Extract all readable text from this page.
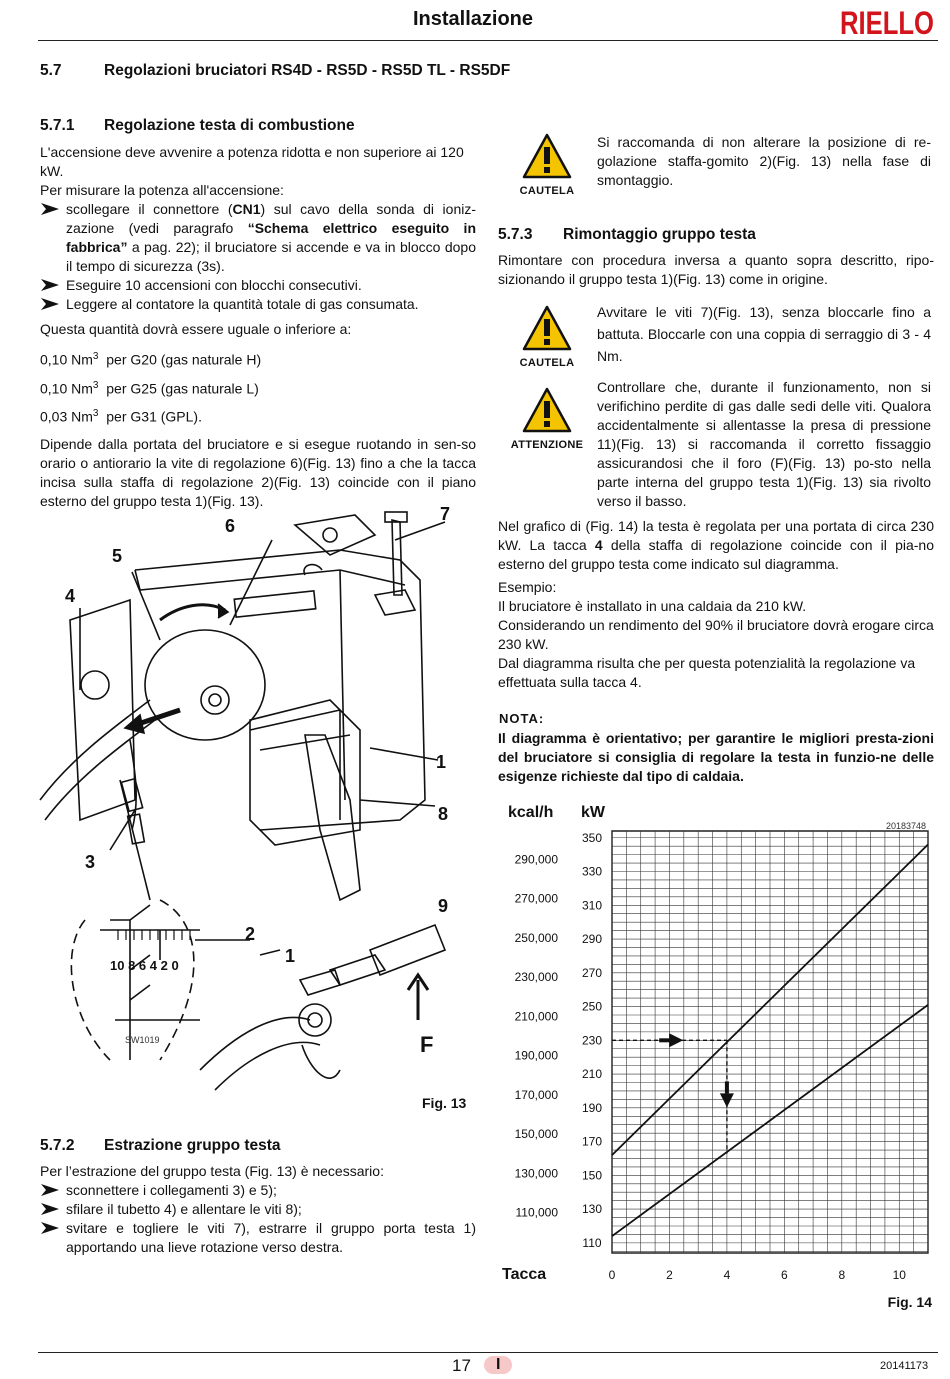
Installazione	RIELLO
5.7	Regolazioni bruciatori RS4D - RS5D - RS5D TL - RS5DF
5.7.1 Regolazione testa di combustione

L'accensione deve avvenire a potenza ridotta e non superiore ai 120 kW.

Per misurare la potenza all'accensione:

scollegare il connettore (CN1) sul cavo della sonda di ioniz-zazione (vedi paragrafo “Schema elettrico eseguito in fabbrica” a pag. 22); il bruciatore si accende e va in blocco dopo il tempo di sicurezza (3s).
Eseguire 10 accensioni con blocchi consecutivi.
Leggere al contatore la quantità totale di gas consumata.

Questa quantità dovrà essere uguale o inferiore a:

0,10 Nm$^3$ per G20 (gas naturale H)

0,10 Nm$^3$ per G25 (gas naturale L)

0,03 Nm$^3$ per G31 (GPL).

Dipende dalla portata del bruciatore e si esegue ruotando in sen-so orario o antiorario la vite di regolazione 6)(Fig. 13) fino a che la tacca incisa sulla staffa di regolazione 2)(Fig. 13) coincide con il piano esterno del gruppo testa 1)(Fig. 13).

6
7
5
4
1
8
3
2
1
9
F
10 8 6 4 2 0
SW1019
Fig. 13
5.7.2 Estrazione gruppo testa

Per l’estrazione del gruppo testa (Fig. 13) è necessario:

sconnettere i collegamenti 3) e 5);
sfilare il tubetto 4) e allentare le viti 8);
svitare e togliere le viti 7), estrarre il gruppo porta testa 1) apportando una lieve rotazione verso destra.
CAUTELA
Si raccomanda di non alterare la posizione di re-golazione staffa-gomito 2)(Fig. 13) nella fase di smontaggio.
5.7.3 Rimontaggio gruppo testa
Rimontare con procedura inversa a quanto sopra descritto, ripo-sizionando il gruppo testa 1)(Fig. 13) come in origine.
CAUTELA
Avvitare le viti 7)(Fig. 13), senza bloccarle fino a battuta. Bloccarle con una coppia di serraggio di 3 - 4 Nm.
ATTENZIONE
Controllare che, durante il funzionamento, non si verifichino perdite di gas dalle sedi delle viti. Qualora accidentalmente si allentasse la presa di pressione 11)(Fig. 13) si raccomanda il corretto fissaggio assicurandosi che il foro (F)(Fig. 13) po-sto nella parte interna del gruppo testa 1)(Fig. 13) sia rivolto verso il basso.

Nel grafico di (Fig. 14) la testa è regolata per una portata di circa 230 kW. La tacca 4 della staffa di regolazione coincide con il pia-no esterno del gruppo testa come indicato sul diagramma.

Esempio:

Il bruciatore è installato in una caldaia da 210 kW.

Considerando un rendimento del 90% il bruciatore dovrà erogare circa 230 kW.

Dal diagramma risulta che per questa potenzialità la regolazione va effettuata sulla tacca 4.

NOTA:
Il diagramma è orientativo; per garantire le migliori presta-zioni del bruciatore si consiglia di regolare la testa in funzio-ne delle esigenze richieste dal tipo di caldaia.
kcal/h kW
20183748
110
130
150
170
190
210
230
250
270
290
310
330
350
110,000
130,000
150,000
170,000
190,000
210,000
230,000
250,000
270,000
290,000
0	2	4	6	8	10
Tacca
Fig. 14
17	I	20141173
